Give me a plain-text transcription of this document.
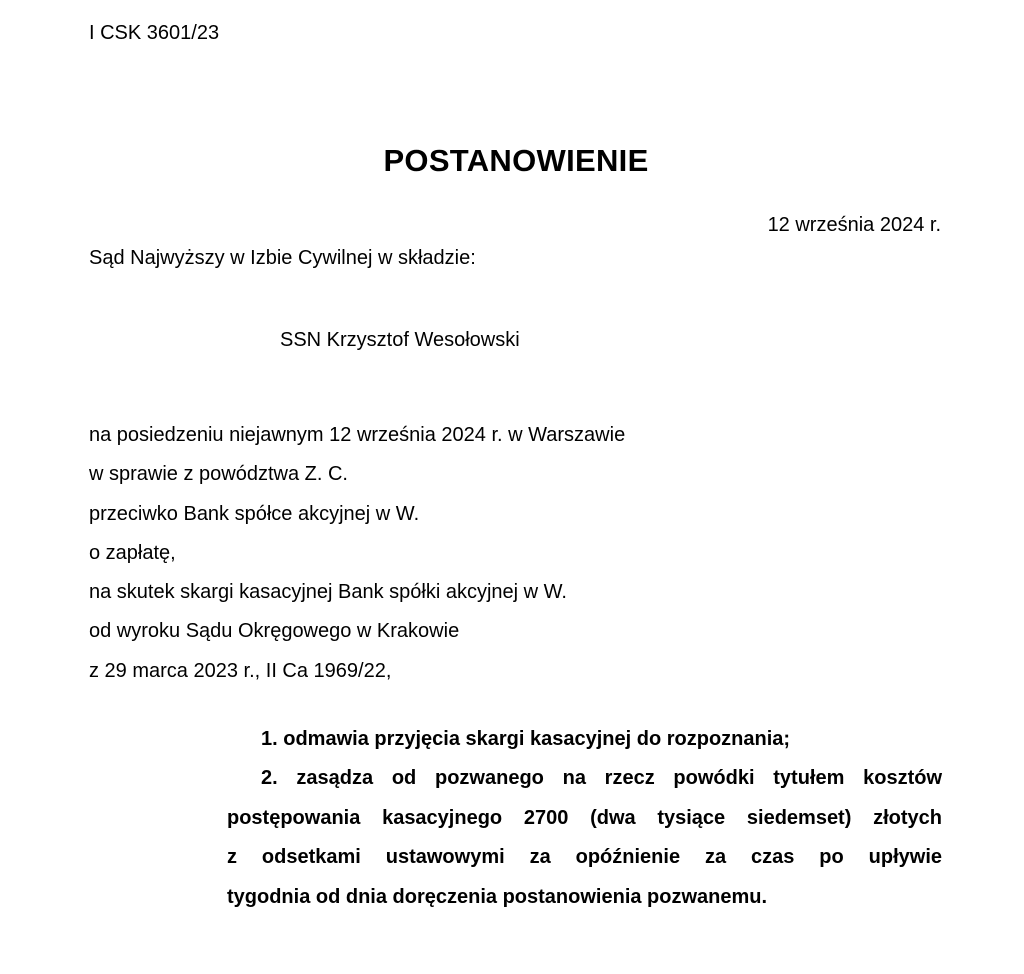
I CSK 3601/23
POSTANOWIENIE
12 września 2024 r.
Sąd Najwyższy w Izbie Cywilnej w składzie:
SSN Krzysztof Wesołowski
na posiedzeniu niejawnym 12 września 2024 r. w Warszawie
w sprawie z powództwa Z. C.
przeciwko Bank spółce akcyjnej w W.
o zapłatę,
na skutek skargi kasacyjnej Bank spółki akcyjnej w W.
od wyroku Sądu Okręgowego w Krakowie
z 29 marca 2023 r., II Ca 1969/22,
1. odmawia przyjęcia skargi kasacyjnej do rozpoznania;
2. zasądza od pozwanego na rzecz powódki tytułem kosztów
postępowania kasacyjnego 2700 (dwa tysiące siedemset) złotych
z odsetkami ustawowymi za opóźnienie za czas po upływie
tygodnia od dnia doręczenia postanowienia pozwanemu.
